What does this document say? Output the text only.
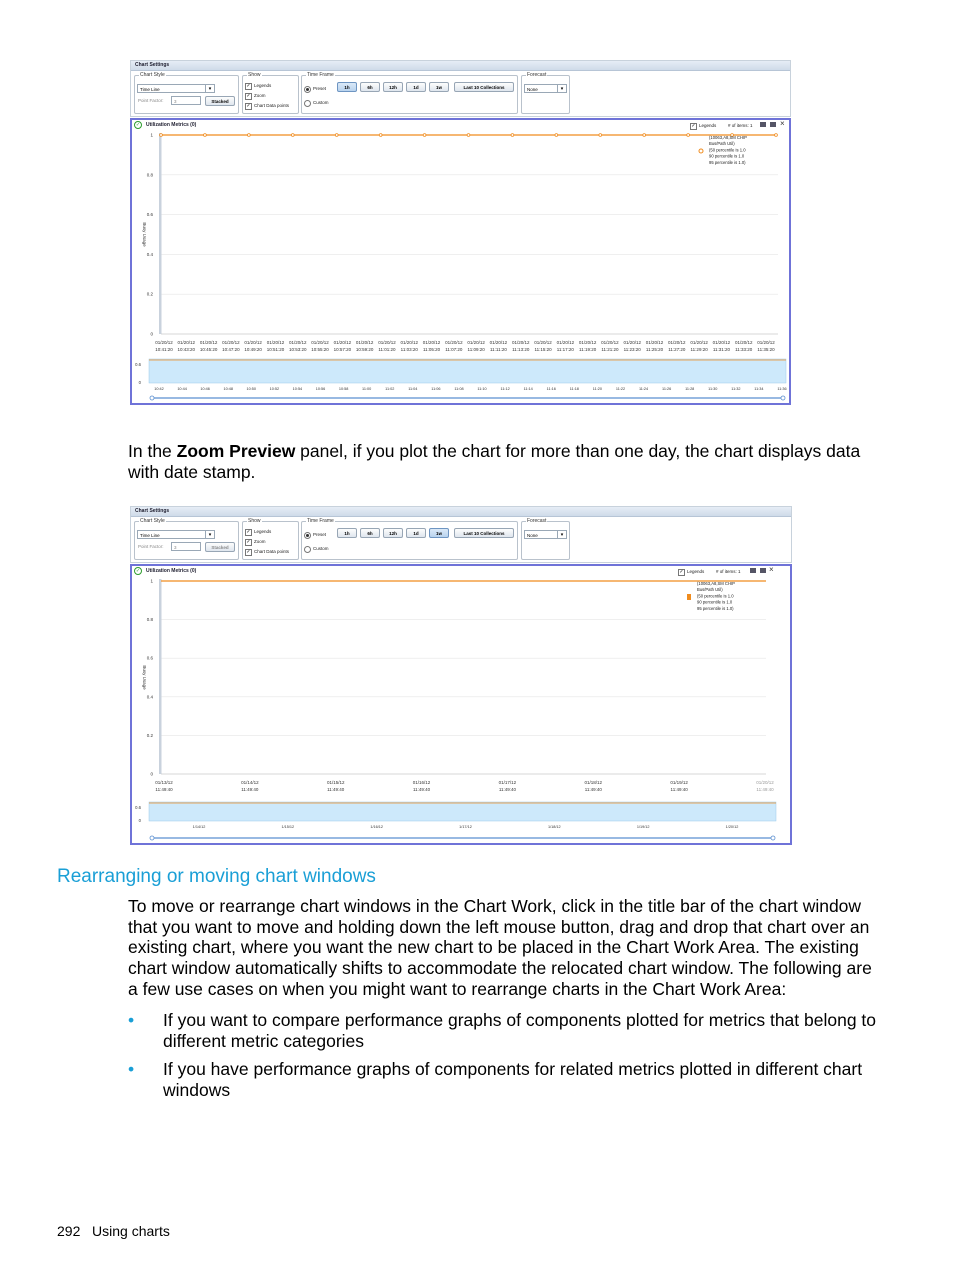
Chart Settings
Chart Style
Time Line	▾
Point Factor:	3	Stacked
Show
✓ Legends
✓ Zoom
✓ Chart Data points
Time Frame
Preset
Custom
1h	6h	12h	1d	1w	Last 10 Collections
Forecast
None	▾
✓	Utilization Metrics (0)	✓ Legends	# of items: 1	×
1
0.8
0.6
0.4
0.2
0
Busy Usage
01/20/12
10:41:20
01/20/12
10:43:20
01/20/12
10:45:20
01/20/12
10:47:20
01/20/12
10:49:20
01/20/12
10:51:20
01/20/12
10:53:20
01/20/12
10:55:20
01/20/12
10:57:20
01/20/12
10:59:20
01/20/12
11:01:20
01/20/12
11:03:20
01/20/12
11:05:20
01/20/12
11:07:20
01/20/12
11:09:20
01/20/12
11:11:20
01/20/12
11:13:20
01/20/12
11:15:20
01/20/12
11:17:20
01/20/12
11:19:20
01/20/12
11:21:20
01/20/12
11:23:20
01/20/12
11:25:20
01/20/12
11:27:20
01/20/12
11:29:20
01/20/12
11:31:20
01/20/12
11:33:20
01/20/12
11:35:20
(10063,A8,SM CHIP
Bus/Path Util)
(50 percentile is 1.0
90 percentile is 1.0
95 percentile is 1.0)
0.6
0
10:42	10:44	10:46	10:48	10:50	10:52	10:54	10:56	10:58	11:00	11:02	11:04	11:06	11:08	11:10	11:12	11:14	11:16	11:18	11:20	11:22	11:24	11:26	11:28	11:30	11:32	11:34	11:36
In the Zoom Preview panel, if you plot the chart for more than one day, the chart displays data
with date stamp.
Chart Settings
Chart Style
Time Line	▾
Point Factor:	3	Stacked
Show
✓ Legends
✓ Zoom
✓ Chart Data points
Time Frame
Preset
Custom
1h	6h	12h	1d	1w	Last 10 Collections
Forecast
None	▾
✓	Utilization Metrics (0)	✓ Legends	# of items: 1	×
1
0.8
0.6
0.4
0.2
0
Busy Usage
01/13/12
11:49:40
01/14/12
11:49:40
01/15/12
11:49:40
01/16/12
11:49:40
01/17/12
11:49:40
01/18/12
11:49:40
01/19/12
11:49:40
01/20/12
11:49:40
(10063,A8,SM CHIP
Bus/Path Util)
(50 percentile is 1.0
90 percentile is 1.0
95 percentile is 1.0)
0.6
0
1/14/12	1/15/12	1/16/12	1/17/12	1/18/12	1/19/12	1/20/12
Rearranging or moving chart windows
To move or rearrange chart windows in the Chart Work, click in the title bar of the chart window
that you want to move and holding down the left mouse button, drag and drop that chart over an
existing chart, where you want the new chart to be placed in the Chart Work Area. The existing
chart window automatically shifts to accommodate the relocated chart window. The following are
a few use cases on when you might want to rearrange charts in the Chart Work Area:
• If you want to compare performance graphs of components plotted for metrics that belong to
different metric categories
• If you have performance graphs of components for related metrics plotted in different chart
windows
292 Using charts
